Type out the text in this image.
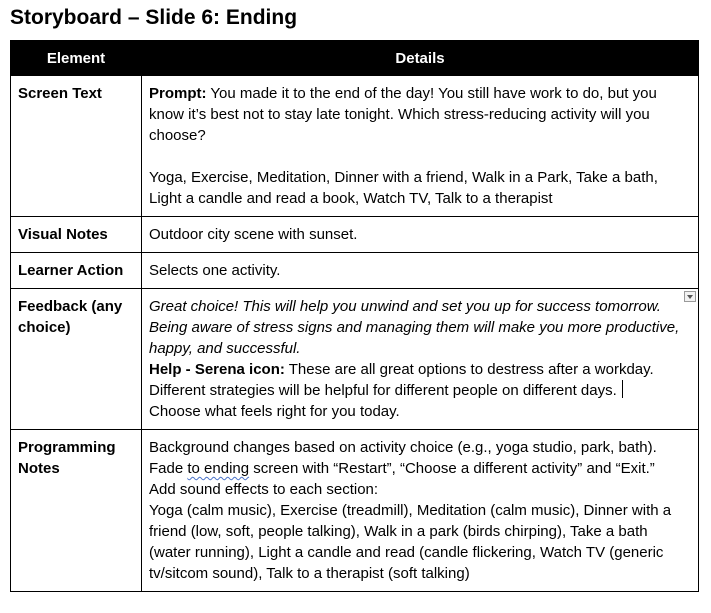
Storyboard – Slide 6: Ending
Element	Details
Screen Text	Prompt: You made it to the end of the day! You still have work to do, but you know it’s best not to stay late tonight. Which stress-reducing activity will you choose?

Yoga, Exercise, Meditation, Dinner with a friend, Walk in a Park, Take a bath, Light a candle and read a book, Watch TV, Talk to a therapist

Visual Notes	Outdoor city scene with sunset.
Learner Action	Selects one activity.
Feedback (any choice)	Great choice! This will help you unwind and set you up for success tomorrow. Being aware of stress signs and managing them will make you more productive, happy, and successful.

Help - Serena icon: These are all great options to destress after a workday. Different strategies will be helpful for different people on different days.

Choose what feels right for you today.

Programming Notes	Background changes based on activity choice (e.g., yoga studio, park, bath).

Fade to ending screen with “Restart”, “Choose a different activity” and “Exit.”

Add sound effects to each section:

Yoga (calm music), Exercise (treadmill), Meditation (calm music), Dinner with a friend (low, soft, people talking), Walk in a park (birds chirping), Take a bath (water running), Light a candle and read (candle flickering, Watch TV (generic tv/sitcom sound), Talk to a therapist (soft talking)
